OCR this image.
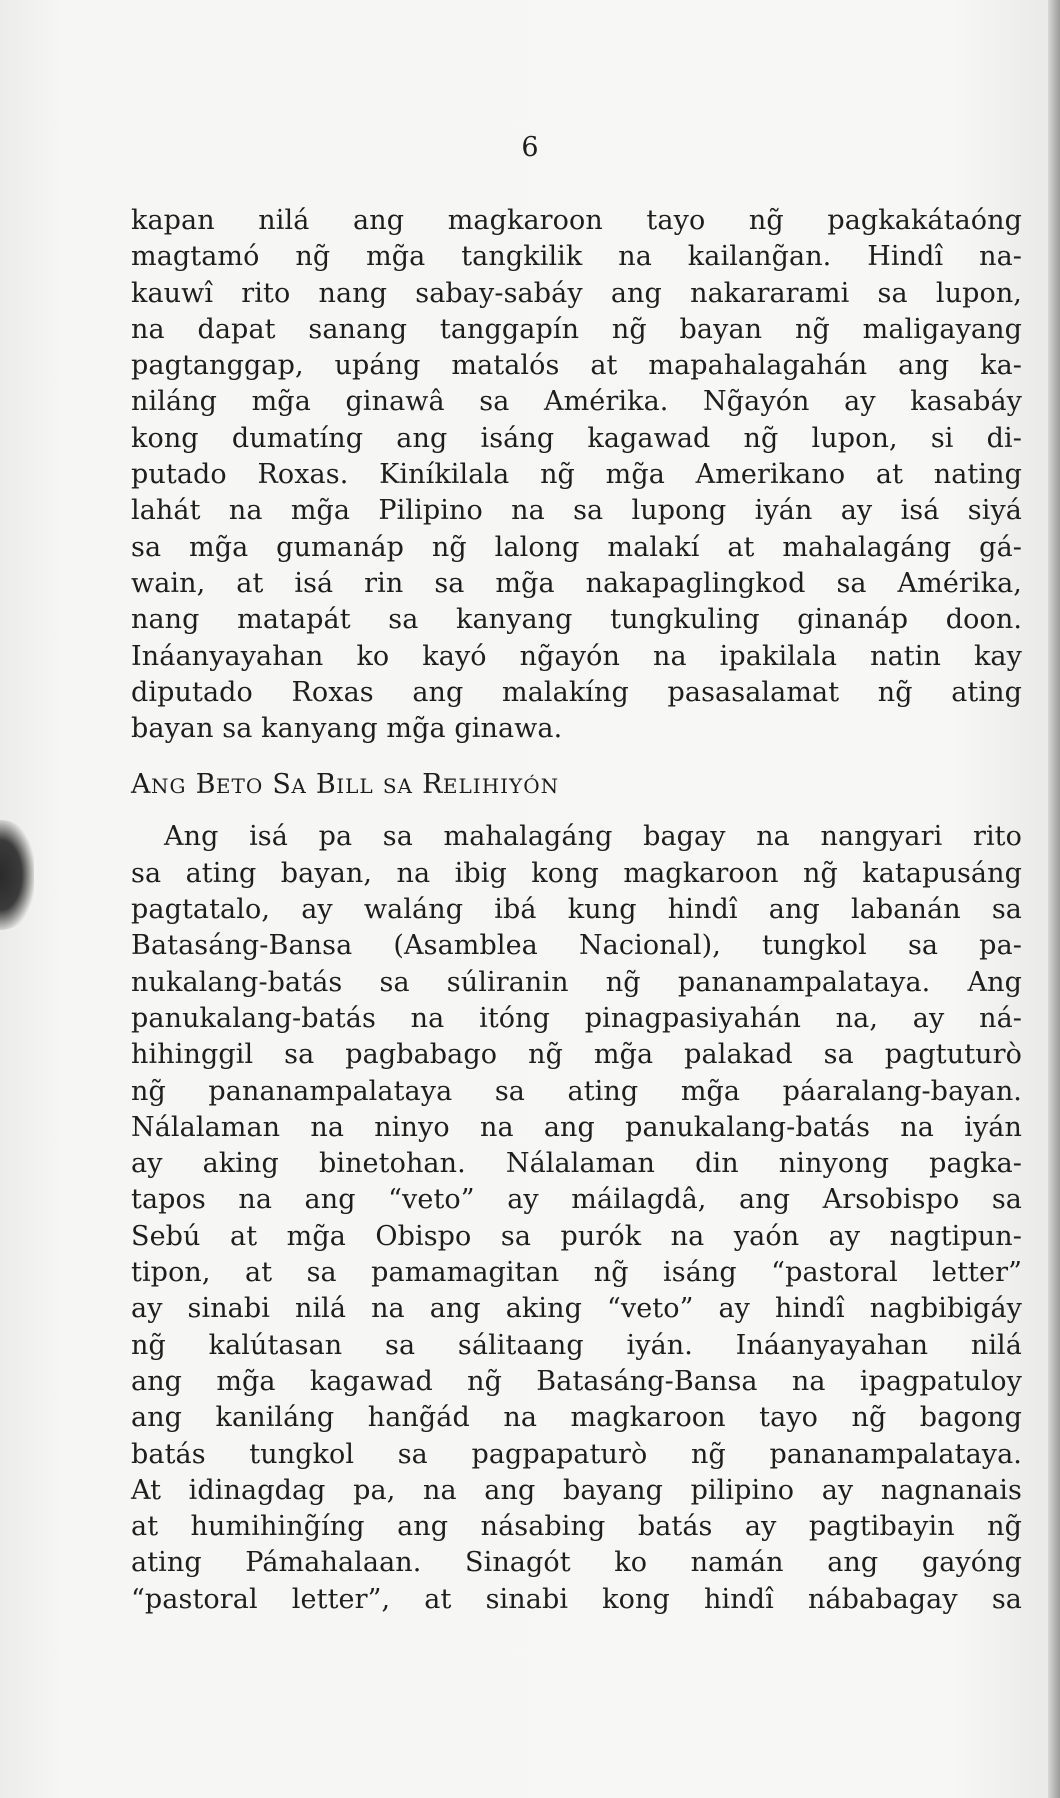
6
kapan nilá ang magkaroon tayo ng̃ pagkakátaóng
magtamó ng̃ mg̃a tangkilik na kailang̃an. Hindî na-
kauwî rito nang sabay-sabáy ang nakararami sa lupon,
na dapat sanang tanggapín ng̃ bayan ng̃ maligayang
pagtanggap, upáng matalós at mapahalagahán ang ka-
niláng mg̃a ginawâ sa Amérika. Ng̃ayón ay kasabáy
kong dumatíng ang isáng kagawad ng̃ lupon, si di-
putado Roxas. Kiníkilala ng̃ mg̃a Amerikano at nating
lahát na mg̃a Pilipino na sa lupong iyán ay isá siyá
sa mg̃a gumanáp ng̃ lalong malakí at mahalagáng gá-
wain, at isá rin sa mg̃a nakapaglingkod sa Amérika,
nang matapát sa kanyang tungkuling ginanáp doon.
Ináanyayahan ko kayó ng̃ayón na ipakilala natin kay
diputado Roxas ang malakíng pasasalamat ng̃ ating
bayan sa kanyang mg̃a ginawa.
ANG BETO SA BILL SA RELIHIYÓN
Ang isá pa sa mahalagáng bagay na nangyari rito
sa ating bayan, na ibig kong magkaroon ng̃ katapusáng
pagtatalo, ay waláng ibá kung hindî ang labanán sa
Batasáng-Bansa (Asamblea Nacional), tungkol sa pa-
nukalang-batás sa súliranin ng̃ pananampalataya. Ang
panukalang-batás na itóng pinagpasiyahán na, ay ná-
hihinggil sa pagbabago ng̃ mg̃a palakad sa pagtuturò
ng̃ pananampalataya sa ating mg̃a páaralang-bayan.
Nálalaman na ninyo na ang panukalang-batás na iyán
ay aking binetohan. Nálalaman din ninyong pagka-
tapos na ang “veto” ay máilagdâ, ang Arsobispo sa
Sebú at mg̃a Obispo sa purók na yaón ay nagtipun-
tipon, at sa pamamagitan ng̃ isáng “pastoral letter”
ay sinabi nilá na ang aking “veto” ay hindî nagbibigáy
ng̃ kalútasan sa sálitaang iyán. Ináanyayahan nilá
ang mg̃a kagawad ng̃ Batasáng-Bansa na ipagpatuloy
ang kaniláng hang̃ád na magkaroon tayo ng̃ bagong
batás tungkol sa pagpapaturò ng̃ pananampalataya.
At idinagdag pa, na ang bayang pilipino ay nagnanais
at humihing̃íng ang násabing batás ay pagtibayin ng̃
ating Pámahalaan. Sinagót ko namán ang gayóng
“pastoral letter”, at sinabi kong hindî nábabagay sa
